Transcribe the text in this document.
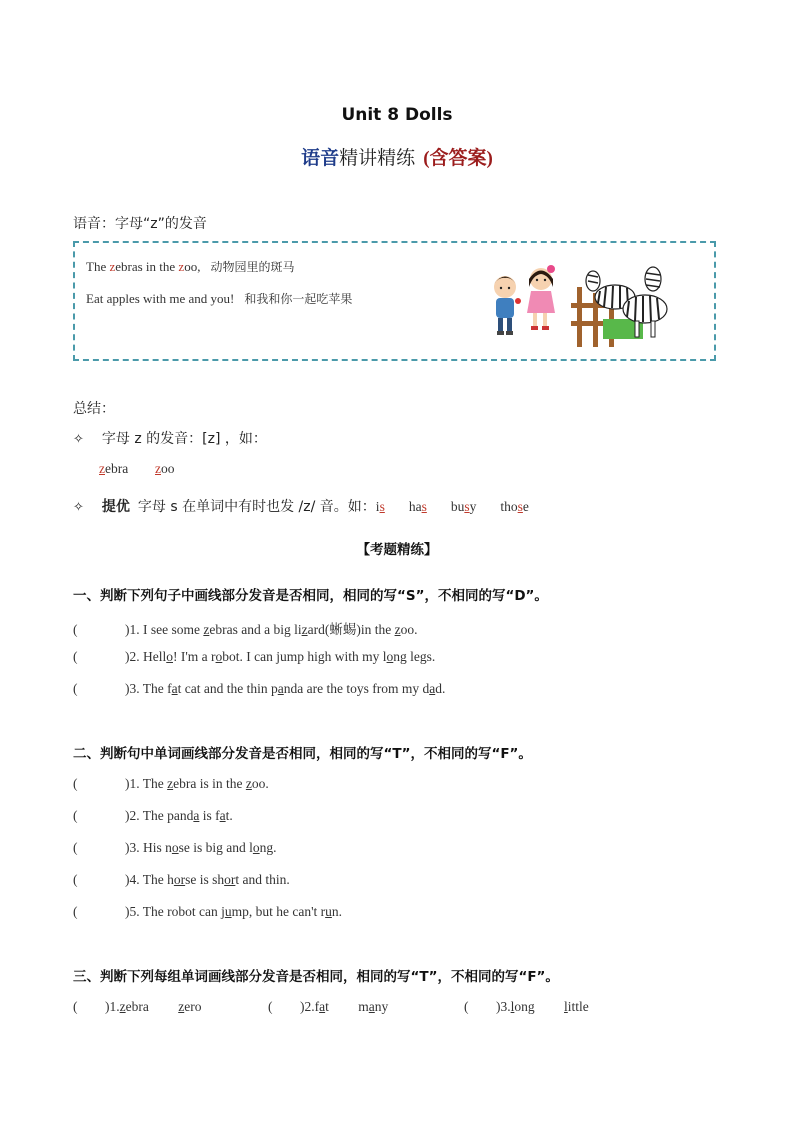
Unit 8 Dolls
语音精讲精练 (含答案)
语音：字母“z”的发音
The zebras in the zoo, 动物园里的斑马
Eat apples with me and you! 和我和你一起吃苹果
总结：
✧ 字母 z 的发音：[z] ，如：
zebra zoo
✧ 提优 字母 s 在单词中有时也发 /z/ 音。如：is has busy those
【考题精练】
一、判断下列句子中画线部分发音是否相同，相同的写“S”，不相同的写“D”。
(	)1. I see some zebras and a big lizard(蜥蜴)in the zoo.
(	)2. Hello! I'm a robot. I can jump high with my long legs.
(	)3. The fat cat and the thin panda are the toys from my dad.
二、判断句中单词画线部分发音是否相同，相同的写“T”，不相同的写“F”。
(	)1. The zebra is in the zoo.
(	)2. The panda is fat.
(	)3. His nose is big and long.
(	)4. The horse is short and thin.
(	)5. The robot can jump, but he can't run.
三、判断下列每组单词画线部分发音是否相同，相同的写“T”，不相同的写“F”。
( )1.zebra zero	( )2.fat many	( )3.long little
